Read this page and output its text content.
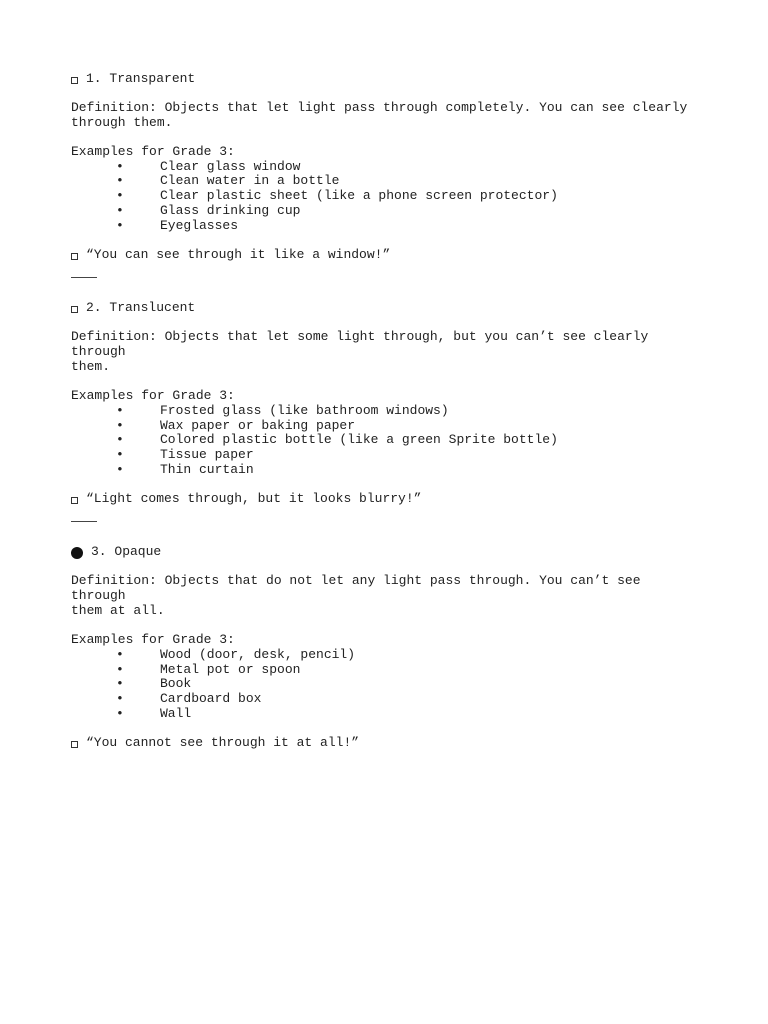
1. Transparent

Definition: Objects that let light pass through completely. You can see clearly
through them.

Examples for Grade 3:

•	Clear glass window
•	Clean water in a bottle
•	Clear plastic sheet (like a phone screen protector)
•	Glass drinking cup
•	Eyeglasses
“You can see through it like a window!”
2. Translucent

Definition: Objects that let some light through, but you can’t see clearly through
them.

Examples for Grade 3:

•	Frosted glass (like bathroom windows)
•	Wax paper or baking paper
•	Colored plastic bottle (like a green Sprite bottle)
•	Tissue paper
•	Thin curtain
“Light comes through, but it looks blurry!”
3. Opaque

Definition: Objects that do not let any light pass through. You can’t see through
them at all.

Examples for Grade 3:

•	Wood (door, desk, pencil)
•	Metal pot or spoon
•	Book
•	Cardboard box
•	Wall
“You cannot see through it at all!”
